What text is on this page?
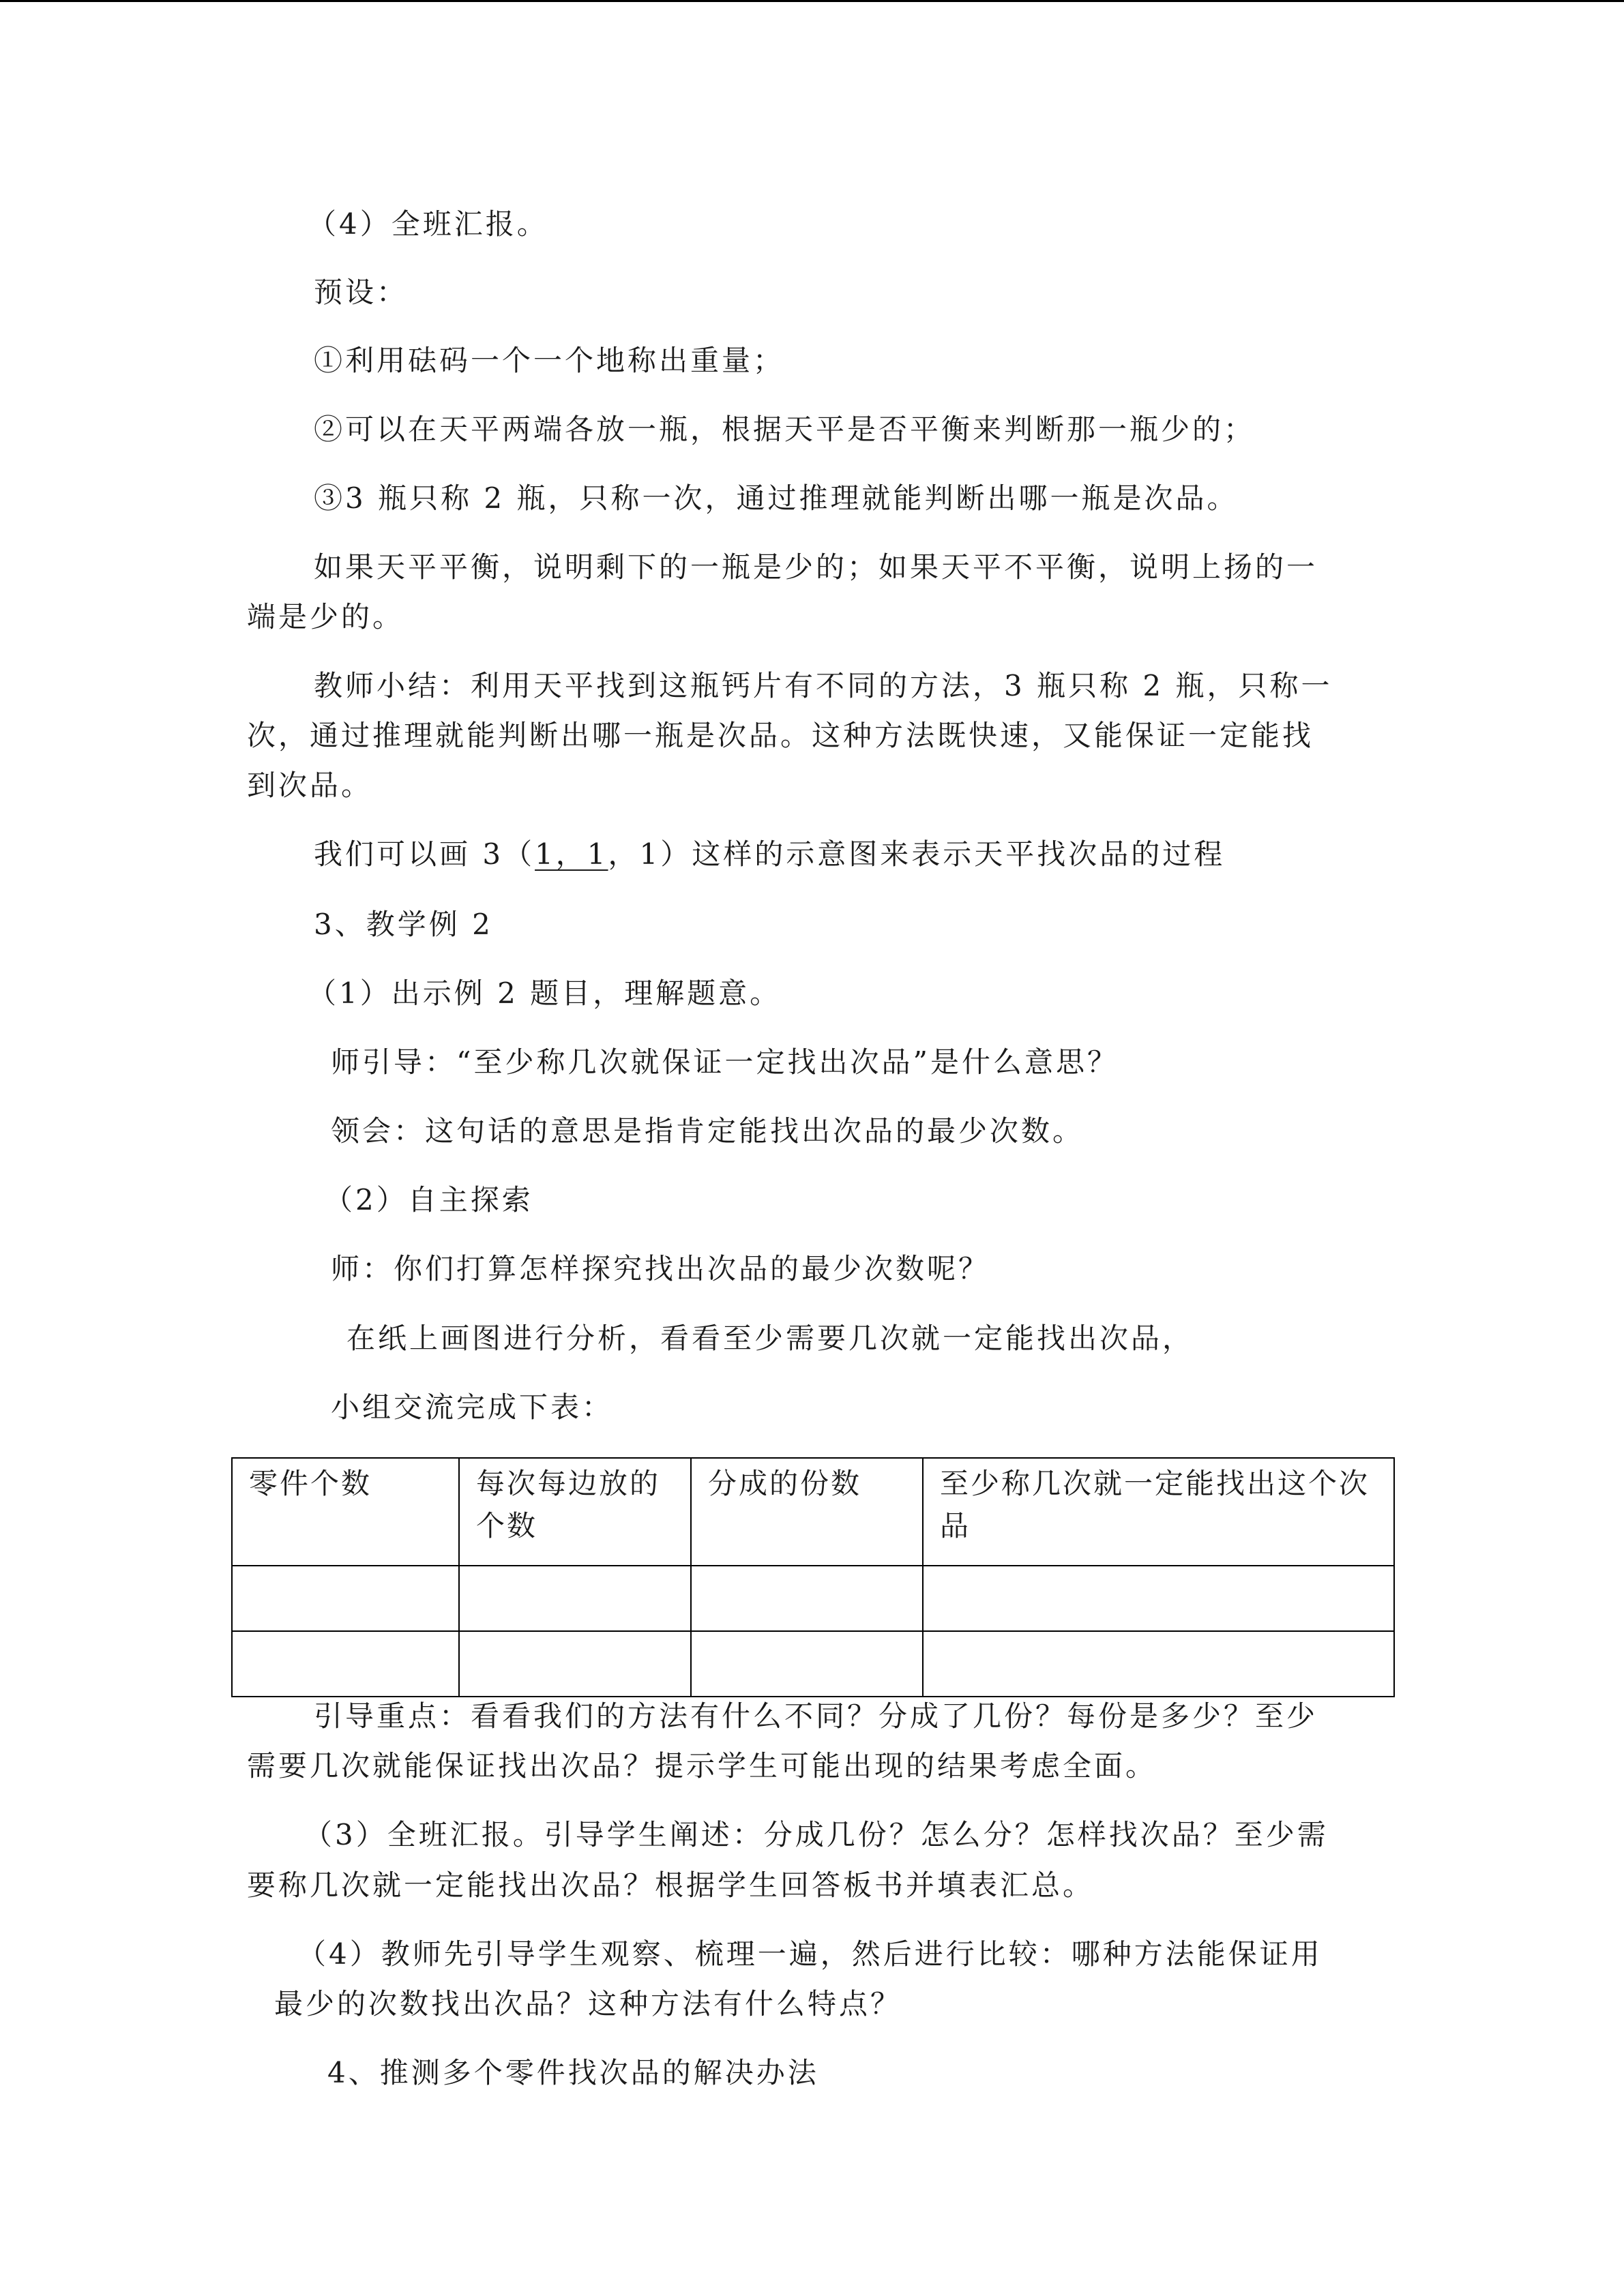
（4）全班汇报。
预设：
①利用砝码一个一个地称出重量；
②可以在天平两端各放一瓶，根据天平是否平衡来判断那一瓶少的；
③3 瓶只称 2 瓶，只称一次，通过推理就能判断出哪一瓶是次品。
如果天平平衡，说明剩下的一瓶是少的；如果天平不平衡，说明上扬的一
端是少的。
教师小结：利用天平找到这瓶钙片有不同的方法，3 瓶只称 2 瓶，只称一
次，通过推理就能判断出哪一瓶是次品。这种方法既快速，又能保证一定能找
到次品。
我们可以画 3（1，1，1）这样的示意图来表示天平找次品的过程
3、教学例 2
（1）出示例 2 题目，理解题意。
师引导：“至少称几次就保证一定找出次品”是什么意思？
领会：这句话的意思是指肯定能找出次品的最少次数。
（2）自主探索
师：你们打算怎样探究找出次品的最少次数呢？
在纸上画图进行分析，看看至少需要几次就一定能找出次品，
小组交流完成下表：
零件个数	每次每边放的个数	分成的份数	至少称几次就一定能找出这个次品

引导重点：看看我们的方法有什么不同？分成了几份？每份是多少？至少
需要几次就能保证找出次品？提示学生可能出现的结果考虑全面。
（3）全班汇报。引导学生阐述：分成几份？怎么分？怎样找次品？至少需
要称几次就一定能找出次品？根据学生回答板书并填表汇总。
（4）教师先引导学生观察、梳理一遍，然后进行比较：哪种方法能保证用
最少的次数找出次品？这种方法有什么特点？
4、推测多个零件找次品的解决办法
